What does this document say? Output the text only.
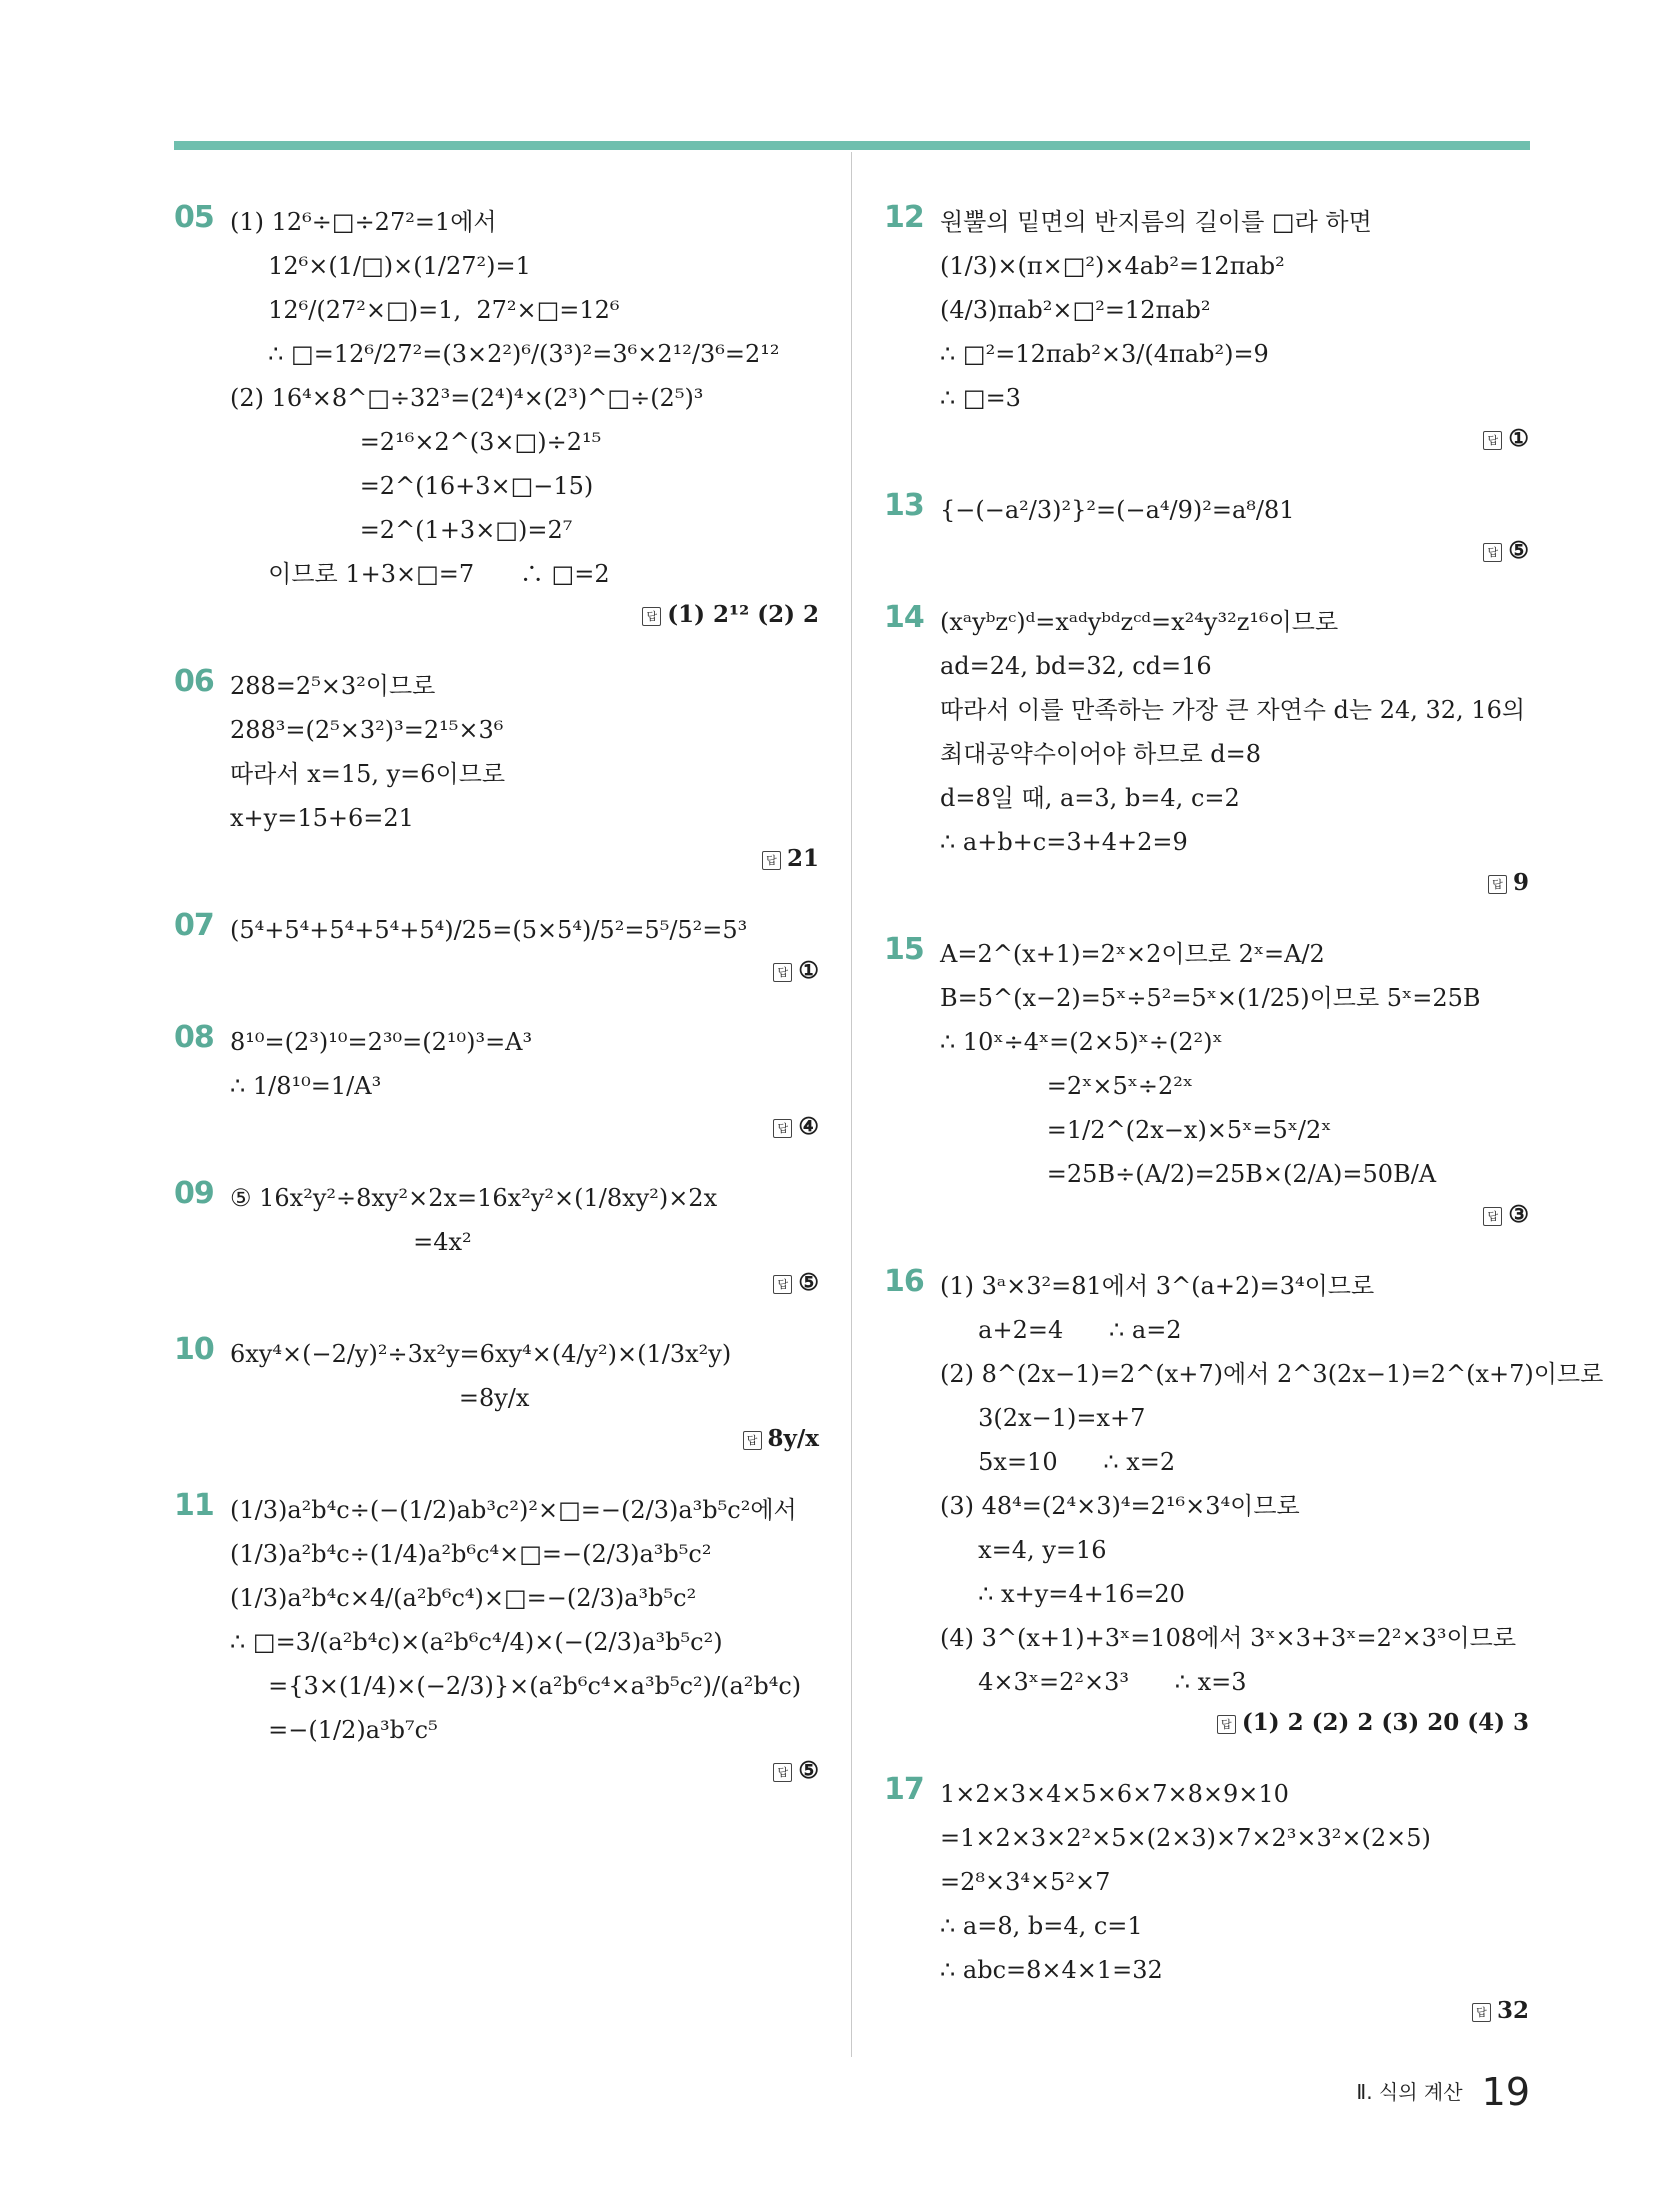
05 (1) 12⁶÷□÷27²=1에서
12⁶×(1/□)×(1/27²)=1
12⁶/(27²×□)=1,  27²×□=12⁶
∴ □=12⁶/27²=(3×2²)⁶/(3³)²=3⁶×2¹²/3⁶=2¹²
(2) 16⁴×8^□÷32³=(2⁴)⁴×(2³)^□÷(2⁵)³
=2¹⁶×2^(3×□)÷2¹⁵
=2^(16+3×□−15)
=2^(1+3×□)=2⁷
이므로 1+3×□=7      ∴ □=2
답 (1) 2¹² (2) 2
06 288=2⁵×3²이므로
288³=(2⁵×3²)³=2¹⁵×3⁶
따라서 x=15, y=6이므로
x+y=15+6=21
답 21
07 (5⁴+5⁴+5⁴+5⁴+5⁴)/25=(5×5⁴)/5²=5⁵/5²=5³
답 ①
08 8¹⁰=(2³)¹⁰=2³⁰=(2¹⁰)³=A³
∴ 1/8¹⁰=1/A³
답 ④
09 ⑤ 16x²y²÷8xy²×2x=16x²y²×(1/8xy²)×2x
=4x²
답 ⑤
10 6xy⁴×(−2/y)²÷3x²y=6xy⁴×(4/y²)×(1/3x²y)
=8y/x
답 8y/x
11 (1/3)a²b⁴c÷(−(1/2)ab³c²)²×□=−(2/3)a³b⁵c²에서
(1/3)a²b⁴c÷(1/4)a²b⁶c⁴×□=−(2/3)a³b⁵c²
(1/3)a²b⁴c×4/(a²b⁶c⁴)×□=−(2/3)a³b⁵c²
∴ □=3/(a²b⁴c)×(a²b⁶c⁴/4)×(−(2/3)a³b⁵c²)
={3×(1/4)×(−2/3)}×(a²b⁶c⁴×a³b⁵c²)/(a²b⁴c)
=−(1/2)a³b⁷c⁵
답 ⑤
12 원뿔의 밑면의 반지름의 길이를 □라 하면
(1/3)×(π×□²)×4ab²=12πab²
(4/3)πab²×□²=12πab²
∴ □²=12πab²×3/(4πab²)=9
∴ □=3
답 ①
13 {−(−a²/3)²}²=(−a⁴/9)²=a⁸/81
답 ⑤
14 (xᵃyᵇzᶜ)ᵈ=xᵃᵈyᵇᵈzᶜᵈ=x²⁴y³²z¹⁶이므로
ad=24, bd=32, cd=16
따라서 이를 만족하는 가장 큰 자연수 d는 24, 32, 16의
최대공약수이어야 하므로 d=8
d=8일 때, a=3, b=4, c=2
∴ a+b+c=3+4+2=9
답 9
15 A=2^(x+1)=2ˣ×2이므로 2ˣ=A/2
B=5^(x−2)=5ˣ÷5²=5ˣ×(1/25)이므로 5ˣ=25B
∴ 10ˣ÷4ˣ=(2×5)ˣ÷(2²)ˣ
=2ˣ×5ˣ÷2²ˣ
=1/2^(2x−x)×5ˣ=5ˣ/2ˣ
=25B÷(A/2)=25B×(2/A)=50B/A
답 ③
16 (1) 3ᵃ×3²=81에서 3^(a+2)=3⁴이므로
a+2=4      ∴ a=2
(2) 8^(2x−1)=2^(x+7)에서 2^3(2x−1)=2^(x+7)이므로
3(2x−1)=x+7
5x=10      ∴ x=2
(3) 48⁴=(2⁴×3)⁴=2¹⁶×3⁴이므로
x=4, y=16
∴ x+y=4+16=20
(4) 3^(x+1)+3ˣ=108에서 3ˣ×3+3ˣ=2²×3³이므로
4×3ˣ=2²×3³      ∴ x=3
답 (1) 2 (2) 2 (3) 20 (4) 3
17 1×2×3×4×5×6×7×8×9×10
=1×2×3×2²×5×(2×3)×7×2³×3²×(2×5)
=2⁸×3⁴×5²×7
∴ a=8, b=4, c=1
∴ abc=8×4×1=32
답 32
Ⅱ. 식의 계산 19
